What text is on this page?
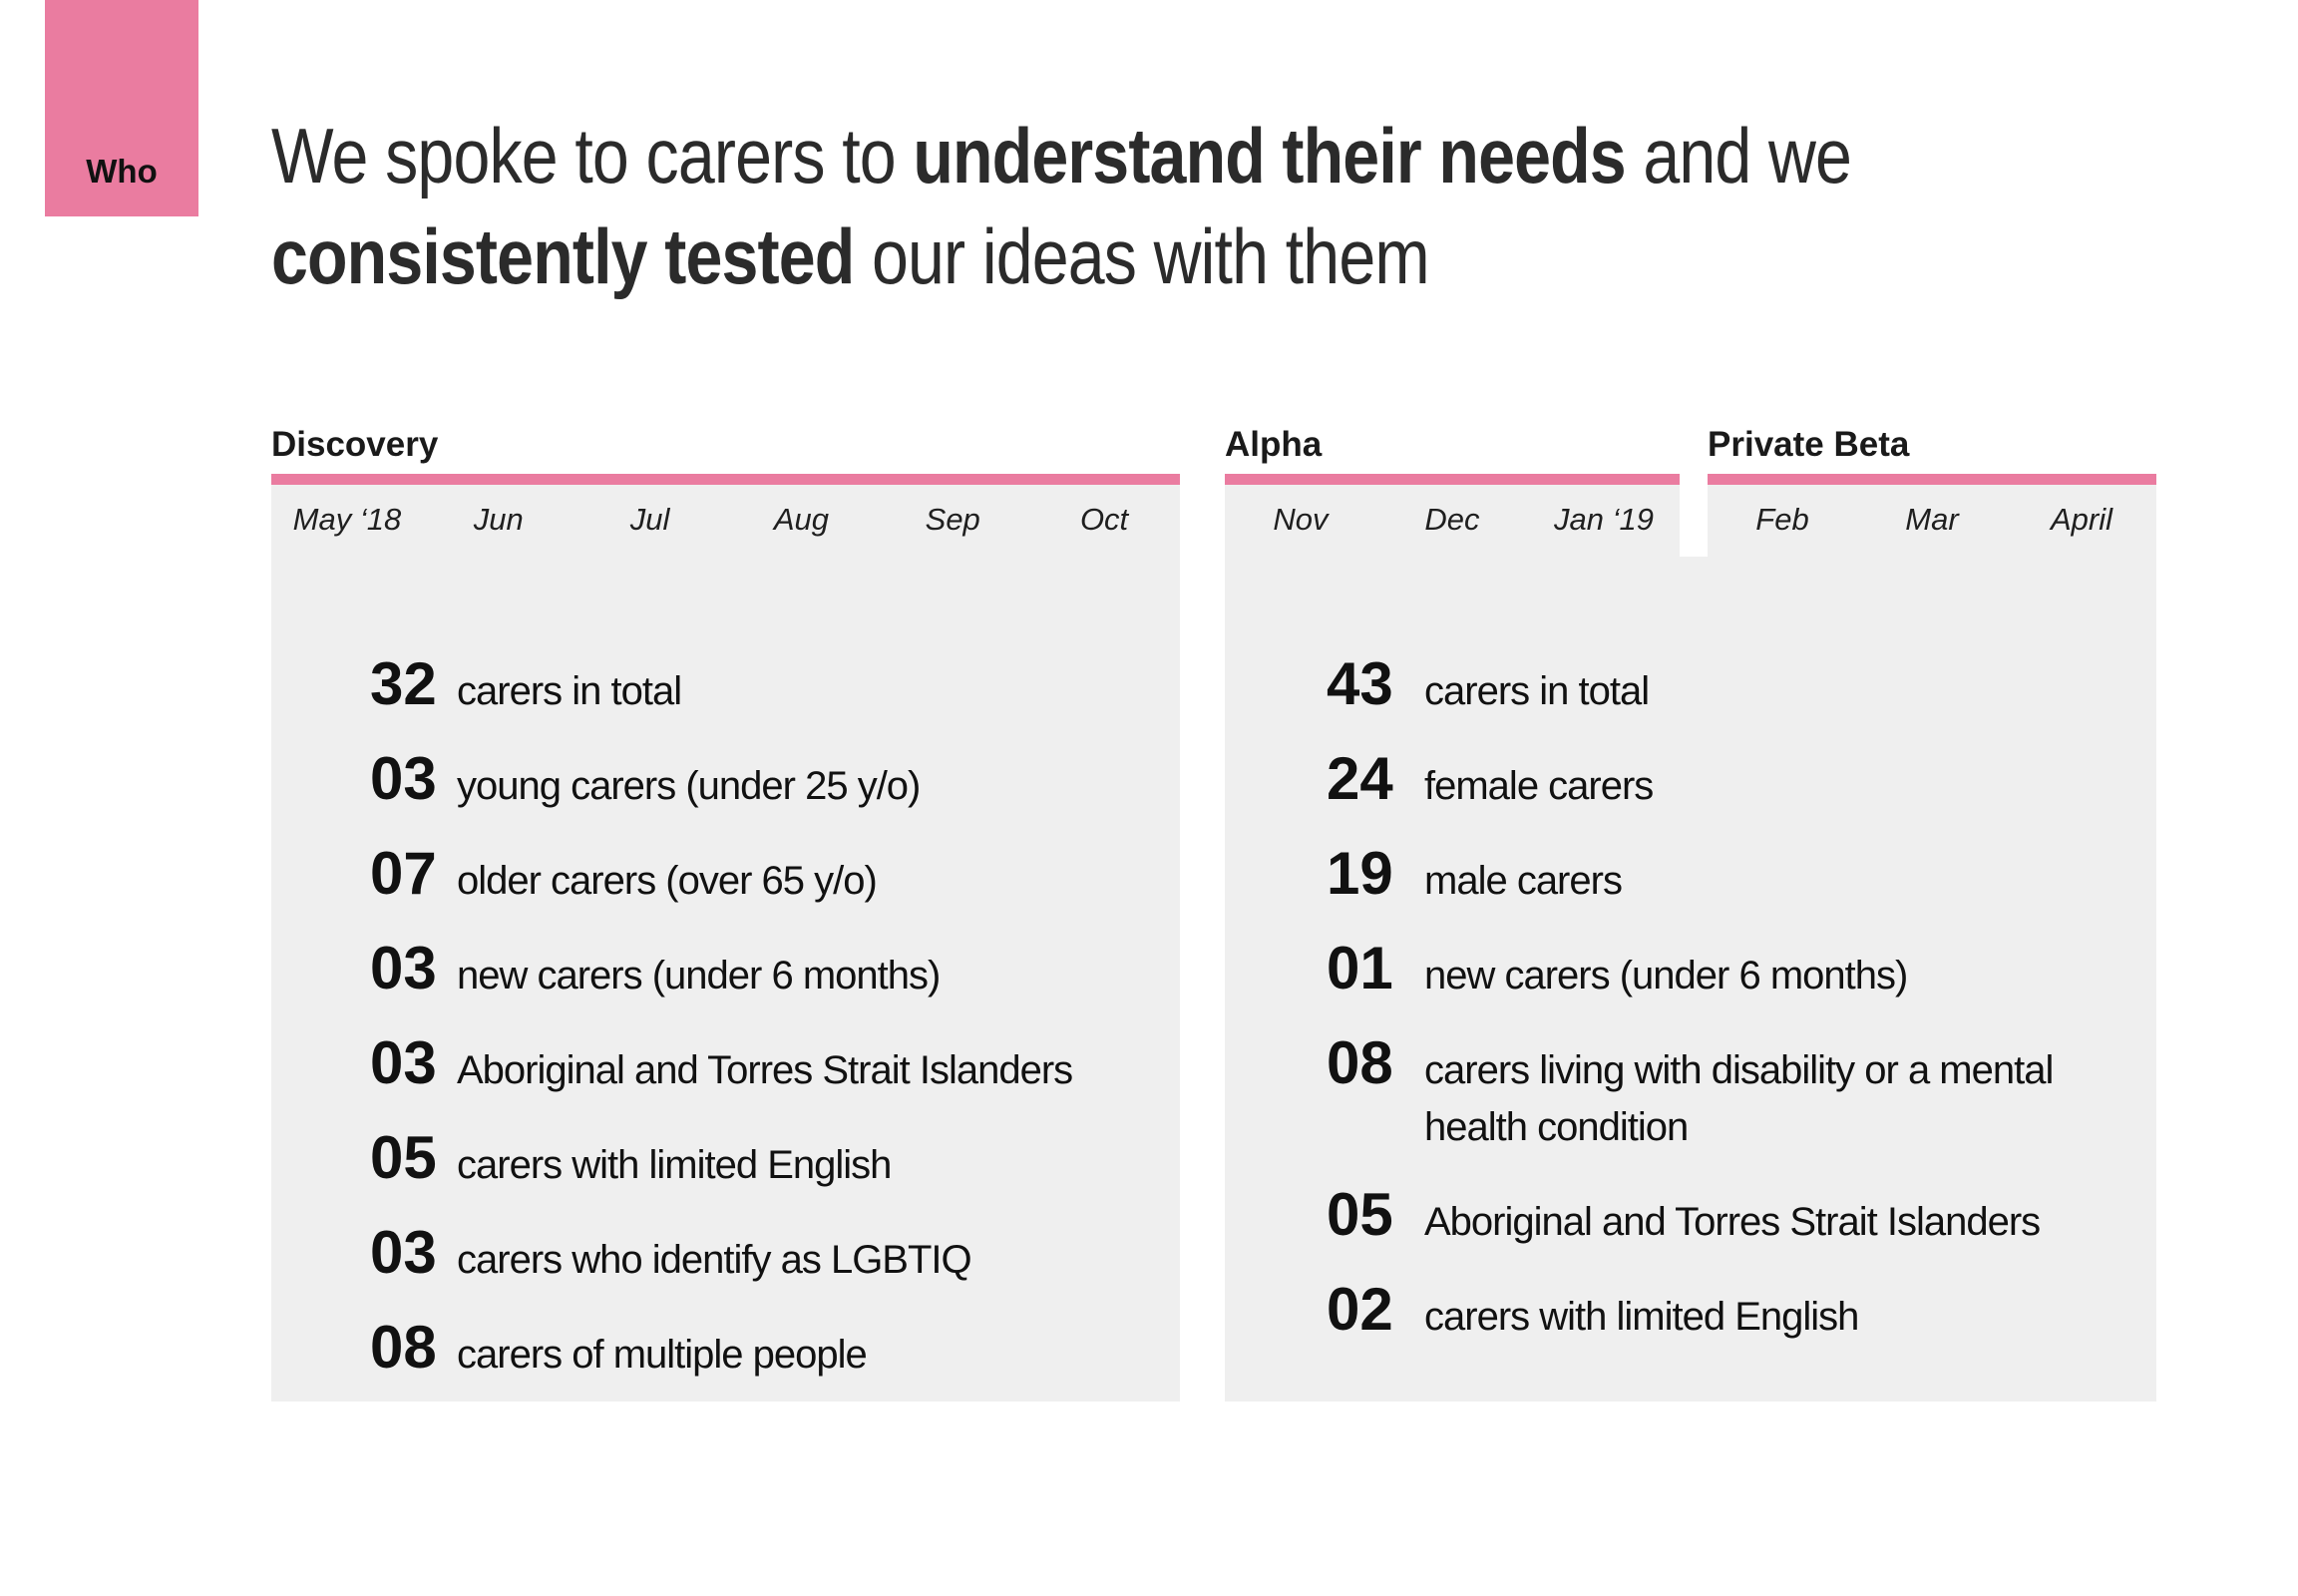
Who We spoke to carers to understand their needs and we
consistently tested our ideas with them
Discovery
May ‘18	Jun	Jul	Aug	Sep	Oct
32 carers in total
03 young carers (under 25 y/o)
07 older carers (over 65 y/o)
03 new carers (under 6 months)
03 Aboriginal and Torres Strait Islanders
05 carers with limited English
03 carers who identify as LGBTIQ
08 carers of multiple people
Alpha	Private Beta
Nov	Dec	Jan ‘19	Feb	Mar	April
43 carers in total
24 female carers
19 male carers
01 new carers (under 6 months)
08 carers living with disability or a mental health condition
05 Aboriginal and Torres Strait Islanders
02 carers with limited English
